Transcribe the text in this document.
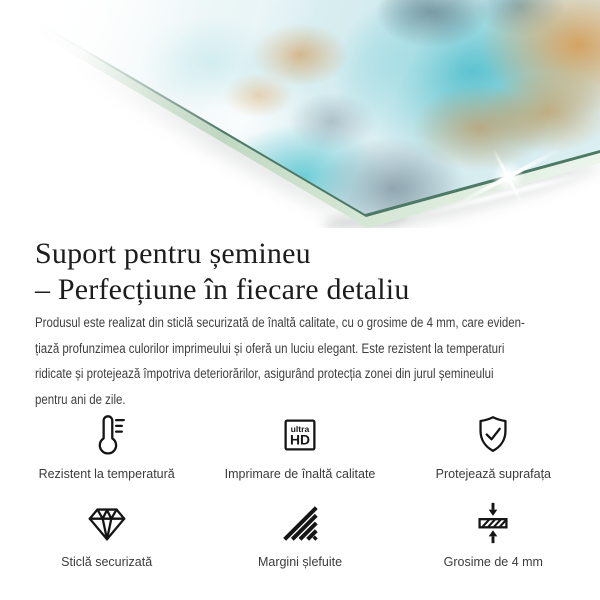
Suport pentru șemineu
– Perfecțiune în fiecare detaliu
Produsul este realizat din sticlă securizată de înaltă calitate, cu o grosime de 4 mm, care eviden-
țiază profunzimea culorilor imprimeului și oferă un luciu elegant. Este rezistent la temperaturi
ridicate și protejează împotriva deteriorărilor, asigurând protecția zonei din jurul șemineului
pentru ani de zile.
Rezistent la temperatură
ultra
HD
Imprimare de înaltă calitate	Protejează suprafața
Sticlă securizată	Margini șlefuite	Grosime de 4 mm
